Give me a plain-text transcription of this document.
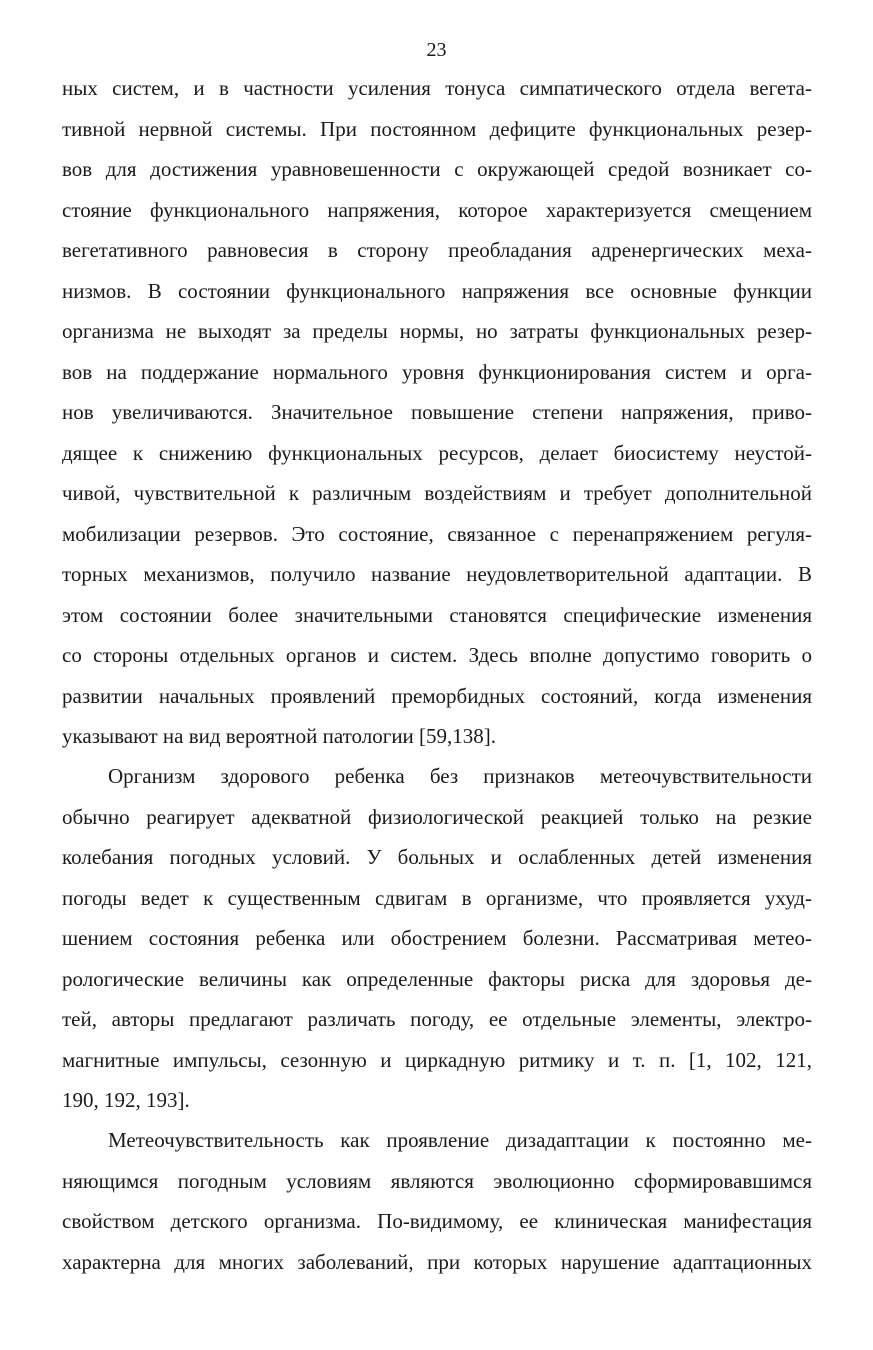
23
ных систем, и в частности усиления тонуса симпатического отдела вегета-
тивной нервной системы. При постоянном дефиците функциональных резер-
вов для достижения уравновешенности с окружающей средой возникает со-
стояние функционального напряжения, которое характеризуется смещением
вегетативного равновесия в сторону преобладания адренергических меха-
низмов. В состоянии функционального напряжения все основные функции
организма не выходят за пределы нормы, но затраты функциональных резер-
вов на поддержание нормального уровня функционирования систем и орга-
нов увеличиваются. Значительное повышение степени напряжения, приво-
дящее к снижению функциональных ресурсов, делает биосистему неустой-
чивой, чувствительной к различным воздействиям и требует дополнительной
мобилизации резервов. Это состояние, связанное с перенапряжением регуля-
торных механизмов, получило название неудовлетворительной адаптации. В
этом состоянии более значительными становятся специфические изменения
со стороны отдельных органов и систем. Здесь вполне допустимо говорить о
развитии начальных проявлений преморбидных состояний, когда изменения
указывают на вид вероятной патологии [59,138].
Организм здорового ребенка без признаков метеочувствительности
обычно реагирует адекватной физиологической реакцией только на резкие
колебания погодных условий. У больных и ослабленных детей изменения
погоды ведет к существенным сдвигам в организме, что проявляется ухуд-
шением состояния ребенка или обострением болезни. Рассматривая метео-
рологические величины как определенные факторы риска для здоровья де-
тей, авторы предлагают различать погоду, ее отдельные элементы, электро-
магнитные импульсы, сезонную и циркадную ритмику и т. п. [1, 102, 121,
190, 192, 193].
Метеочувствительность как проявление дизадаптации к постоянно ме-
няющимся погодным условиям являются эволюционно сформировавшимся
свойством детского организма. По-видимому, ее клиническая манифестация
характерна для многих заболеваний, при которых нарушение адаптационных
